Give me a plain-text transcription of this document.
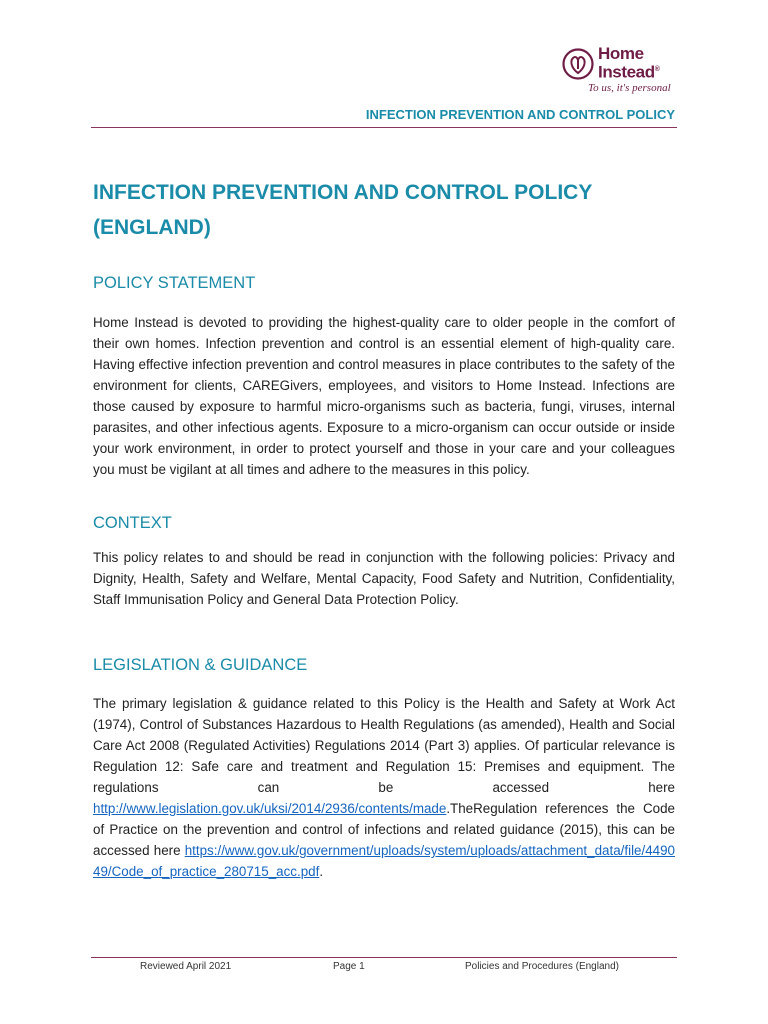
Home
Instead®
To us, it's personal
INFECTION PREVENTION AND CONTROL POLICY
INFECTION PREVENTION AND CONTROL POLICY (ENGLAND)
POLICY STATEMENT

Home Instead is devoted to providing the highest-quality care to older people in the comfort of their own homes. Infection prevention and control is an essential element of high-quality care. Having effective infection prevention and control measures in place contributes to the safety of the environment for clients, CAREGivers, employees, and visitors to Home Instead. Infections are those caused by exposure to harmful micro-organisms such as bacteria, fungi, viruses, internal parasites, and other infectious agents. Exposure to a micro-organism can occur outside or inside your work environment, in order to protect yourself and those in your care and your colleagues you must be vigilant at all times and adhere to the measures in this policy.

CONTEXT

This policy relates to and should be read in conjunction with the following policies: Privacy and Dignity, Health, Safety and Welfare, Mental Capacity, Food Safety and Nutrition, Confidentiality, Staff Immunisation Policy and General Data Protection Policy.

LEGISLATION & GUIDANCE

The primary legislation & guidance related to this Policy is the Health and Safety at Work Act (1974), Control of Substances Hazardous to Health Regulations (as amended), Health and Social Care Act 2008 (Regulated Activities) Regulations 2014 (Part 3) applies. Of particular relevance is Regulation 12: Safe care and treatment and Regulation 15: Premises and equipment. The regulations can be accessed here http://www.legislation.gov.uk/uksi/2014/2936/contents/made.TheRegulation references the Code of Practice on the prevention and control of infections and related guidance (2015), this can be accessed here https://www.gov.uk/government/uploads/system/uploads/attachment_data/file/449049/Code_of_practice_280715_acc.pdf.

Reviewed April 2021	Page 1	Policies and Procedures (England)
